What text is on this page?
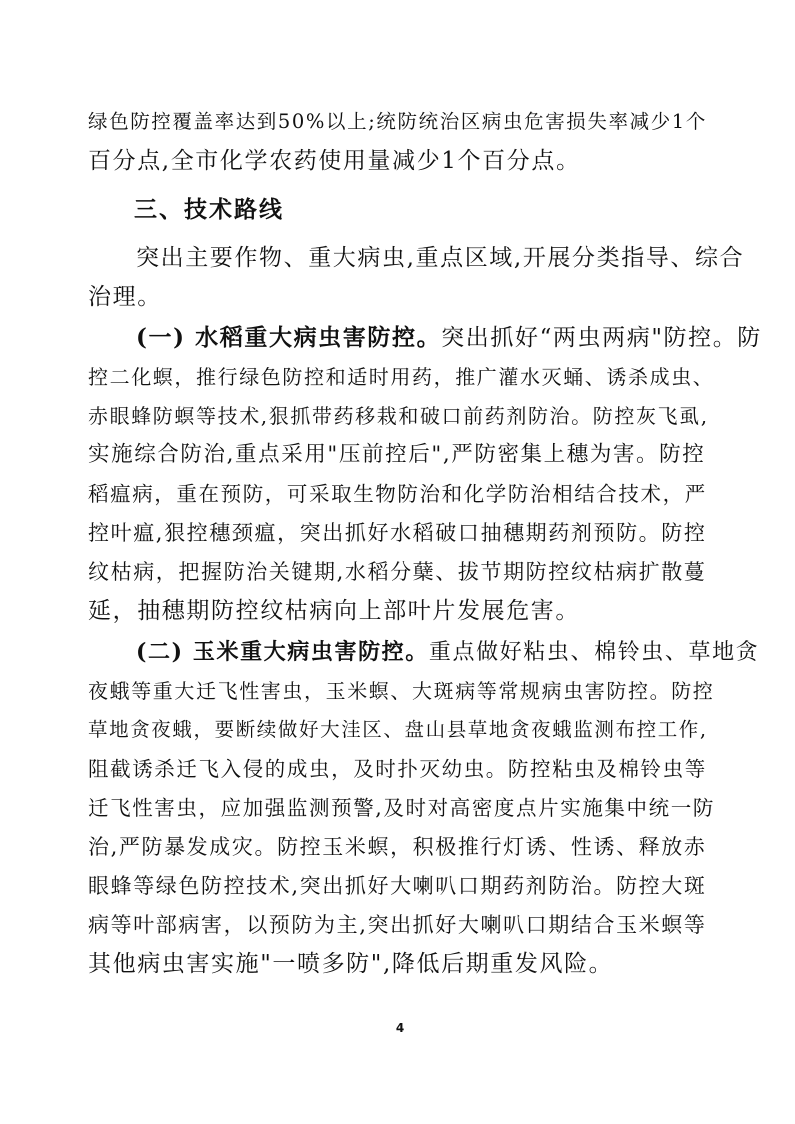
绿色防控覆盖率达到50%以上;统防统治区病虫危害损失率减少1个
百分点,全市化学农药使用量减少1个百分点。
三、技术路线
突出主要作物、重大病虫,重点区域,开展分类指导、综合
治理。
(一) 水稻重大病虫害防控。突出抓好“两虫两病"防控。防
控二化螟，推行绿色防控和适时用药，推广灌水灭蛹、诱杀成虫、
赤眼蜂防螟等技术,狠抓带药移栽和破口前药剂防治。防控灰飞虱,
实施综合防治,重点采用"压前控后",严防密集上穗为害。防控
稻瘟病，重在预防，可采取生物防治和化学防治相结合技术，严
控叶瘟,狠控穗颈瘟，突出抓好水稻破口抽穗期药剂预防。防控
纹枯病，把握防治关键期,水稻分蘖、拔节期防控纹枯病扩散蔓
延，抽穗期防控纹枯病向上部叶片发展危害。
(二) 玉米重大病虫害防控。重点做好粘虫、棉铃虫、草地贪
夜蛾等重大迁飞性害虫，玉米螟、大斑病等常规病虫害防控。防控
草地贪夜蛾，要断续做好大洼区、盘山县草地贪夜蛾监测布控工作,
阻截诱杀迁飞入侵的成虫，及时扑灭幼虫。防控粘虫及棉铃虫等
迁飞性害虫，应加强监测预警,及时对高密度点片实施集中统一防
治,严防暴发成灾。防控玉米螟，积极推行灯诱、性诱、释放赤
眼蜂等绿色防控技术,突出抓好大喇叭口期药剂防治。防控大斑
病等叶部病害，以预防为主,突出抓好大喇叭口期结合玉米螟等
其他病虫害实施"一喷多防",降低后期重发风险。
4
